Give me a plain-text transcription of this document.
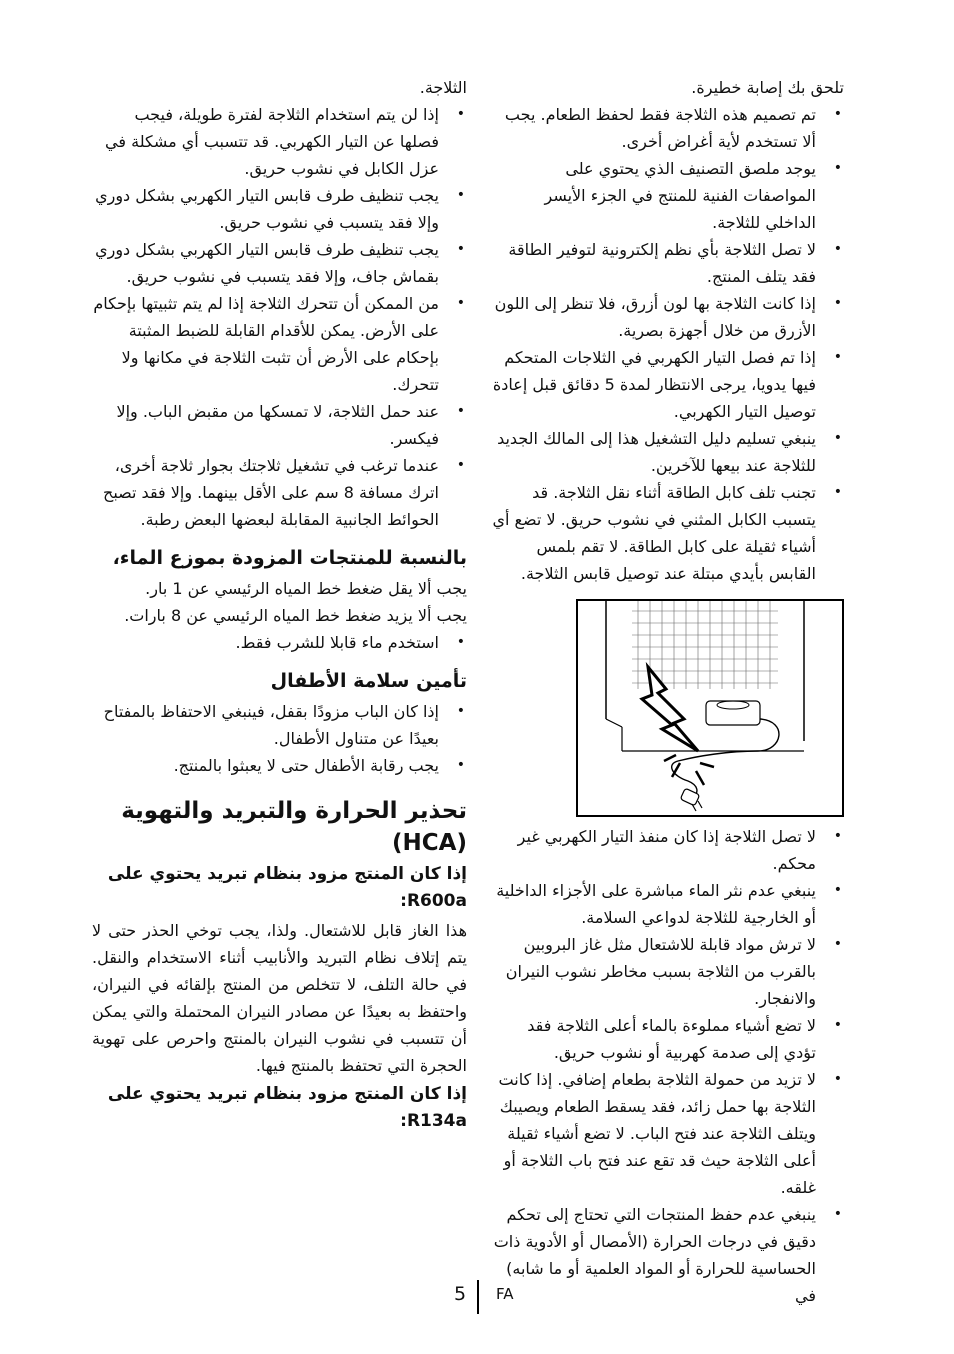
تلحق بك إصابة خطيرة.

•
تم تصميم هذه الثلاجة فقط لحفظ الطعام. يجب ألا تستخدم لأية أغراض أخرى.

•
يوجد ملصق التصنيف الذي يحتوي على المواصفات الفنية للمنتج في الجزء الأيسر الداخلي للثلاجة.

•
لا تصل الثلاجة بأي نظم إلكترونية لتوفير الطاقة فقد يتلف المنتج.

•
إذا كانت الثلاجة بها لون أزرق، فلا تنظر إلى اللون الأزرق من خلال أجهزة بصرية.

•
إذا تم فصل التيار الكهربي في الثلاجات المتحكم فيها يدويا، يرجى الانتظار لمدة 5 دقائق قبل إعادة توصيل التيار الكهربي.

•
ينبغي تسليم دليل التشغيل هذا إلى المالك الجديد للثلاجة عند بيعها للآخرين.

•
تجنب تلف كابل الطاقة أثناء نقل الثلاجة. قد يتسبب الكابل المثني في نشوب حريق. لا تضع أي أشياء ثقيلة على كابل الطاقة. لا تقم بلمس القابس بأيدي مبتلة عند توصيل قابس الثلاجة.

•
لا تصل الثلاجة إذا كان منفذ التيار الكهربي غير محكم.

•
ينبغي عدم نثر الماء مباشرة على الأجزاء الداخلية أو الخارجية للثلاجة لدواعي السلامة.

•
لا ترش مواد قابلة للاشتعال مثل غاز البروبين بالقرب من الثلاجة بسبب مخاطر نشوب النيران والانفجار.

•
لا تضع أشياء مملوءة بالماء أعلى الثلاجة فقد تؤدي إلى صدمة كهربية أو نشوب حريق.

•
لا تزيد من حمولة الثلاجة بطعام إضافي. إذا كانت الثلاجة بها حمل زائد، فقد يسقط الطعام ويصيبك ويتلف الثلاجة عند فتح الباب. لا تضع أشياء ثقيلة أعلى الثلاجة حيث قد تقع عند فتح باب الثلاجة أو غلقه.

•
ينبغي عدم حفظ المنتجات التي تحتاج إلى تحكم دقيق في درجات الحرارة (الأمصال أو الأدوية ذات الحساسية للحرارة أو المواد العلمية أو ما شابه) في

الثلاجة.

•
إذا لن يتم استخدام الثلاجة لفترة طويلة، فيجب فصلها عن التيار الكهربي. قد تتسبب أي مشكلة في عزل الكابل في نشوب حريق.

•
يجب تنظيف طرف قابس التيار الكهربي بشكل دوري وإلا فقد يتسبب في نشوب حريق.

•
يجب تنظيف طرف قابس التيار الكهربي بشكل دوري بقماش جاف، وإلا فقد يتسبب في نشوب حريق.

•
من الممكن أن تتحرك الثلاجة إذا لم يتم تثبيتها بإحكام على الأرض. يمكن للأقدام القابلة للضبط المثبتة بإحكام على الأرض أن تثبت الثلاجة في مكانها ولا تتحرك.

•
عند حمل الثلاجة، لا تمسكها من مقبض الباب. وإلا فيكسر.

•
عندما ترغب في تشغيل ثلاجتك بجوار ثلاجة أخرى، اترك مسافة 8 سم على الأقل بينهما. وإلا فقد تصبح الحوائط الجانبية المقابلة لبعضها البعض رطبة.

بالنسبة للمنتجات المزودة بموزع الماء،

يجب ألا يقل ضغط خط المياه الرئيسي عن 1 بار.

يجب ألا يزيد ضغط خط المياه الرئيسي عن 8 بارات.

•
استخدم ماء قابلا للشرب فقط.

تأمين سلامة الأطفال

•
إذا كان الباب مزودًا بقفل، فينبغي الاحتفاظ بالمفتاح بعيدًا عن متناول الأطفال.

•
يجب رقابة الأطفال حتى لا يعبثوا بالمنتج.

تحذير الحرارة والتبريد والتهوية (HCA)

إذا كان المنتج مزود بنظام تبريد يحتوي على R600a:

هذا الغاز قابل للاشتعال. ولذا، يجب توخي الحذر حتى لا يتم إتلاف نظام التبريد والأنابيب أثناء الاستخدام والنقل. في حالة التلف، لا تتخلص من المنتج بإلقائه في النيران، واحتفظ به بعيدًا عن مصادر النيران المحتملة والتي يمكن أن تتسبب في نشوب النيران بالمنتج واحرص على تهوية الحجرة التي تحتفظ بالمنتج فيها.

إذا كان المنتج مزود بنظام تبريد يحتوي على R134a:

5 FA
